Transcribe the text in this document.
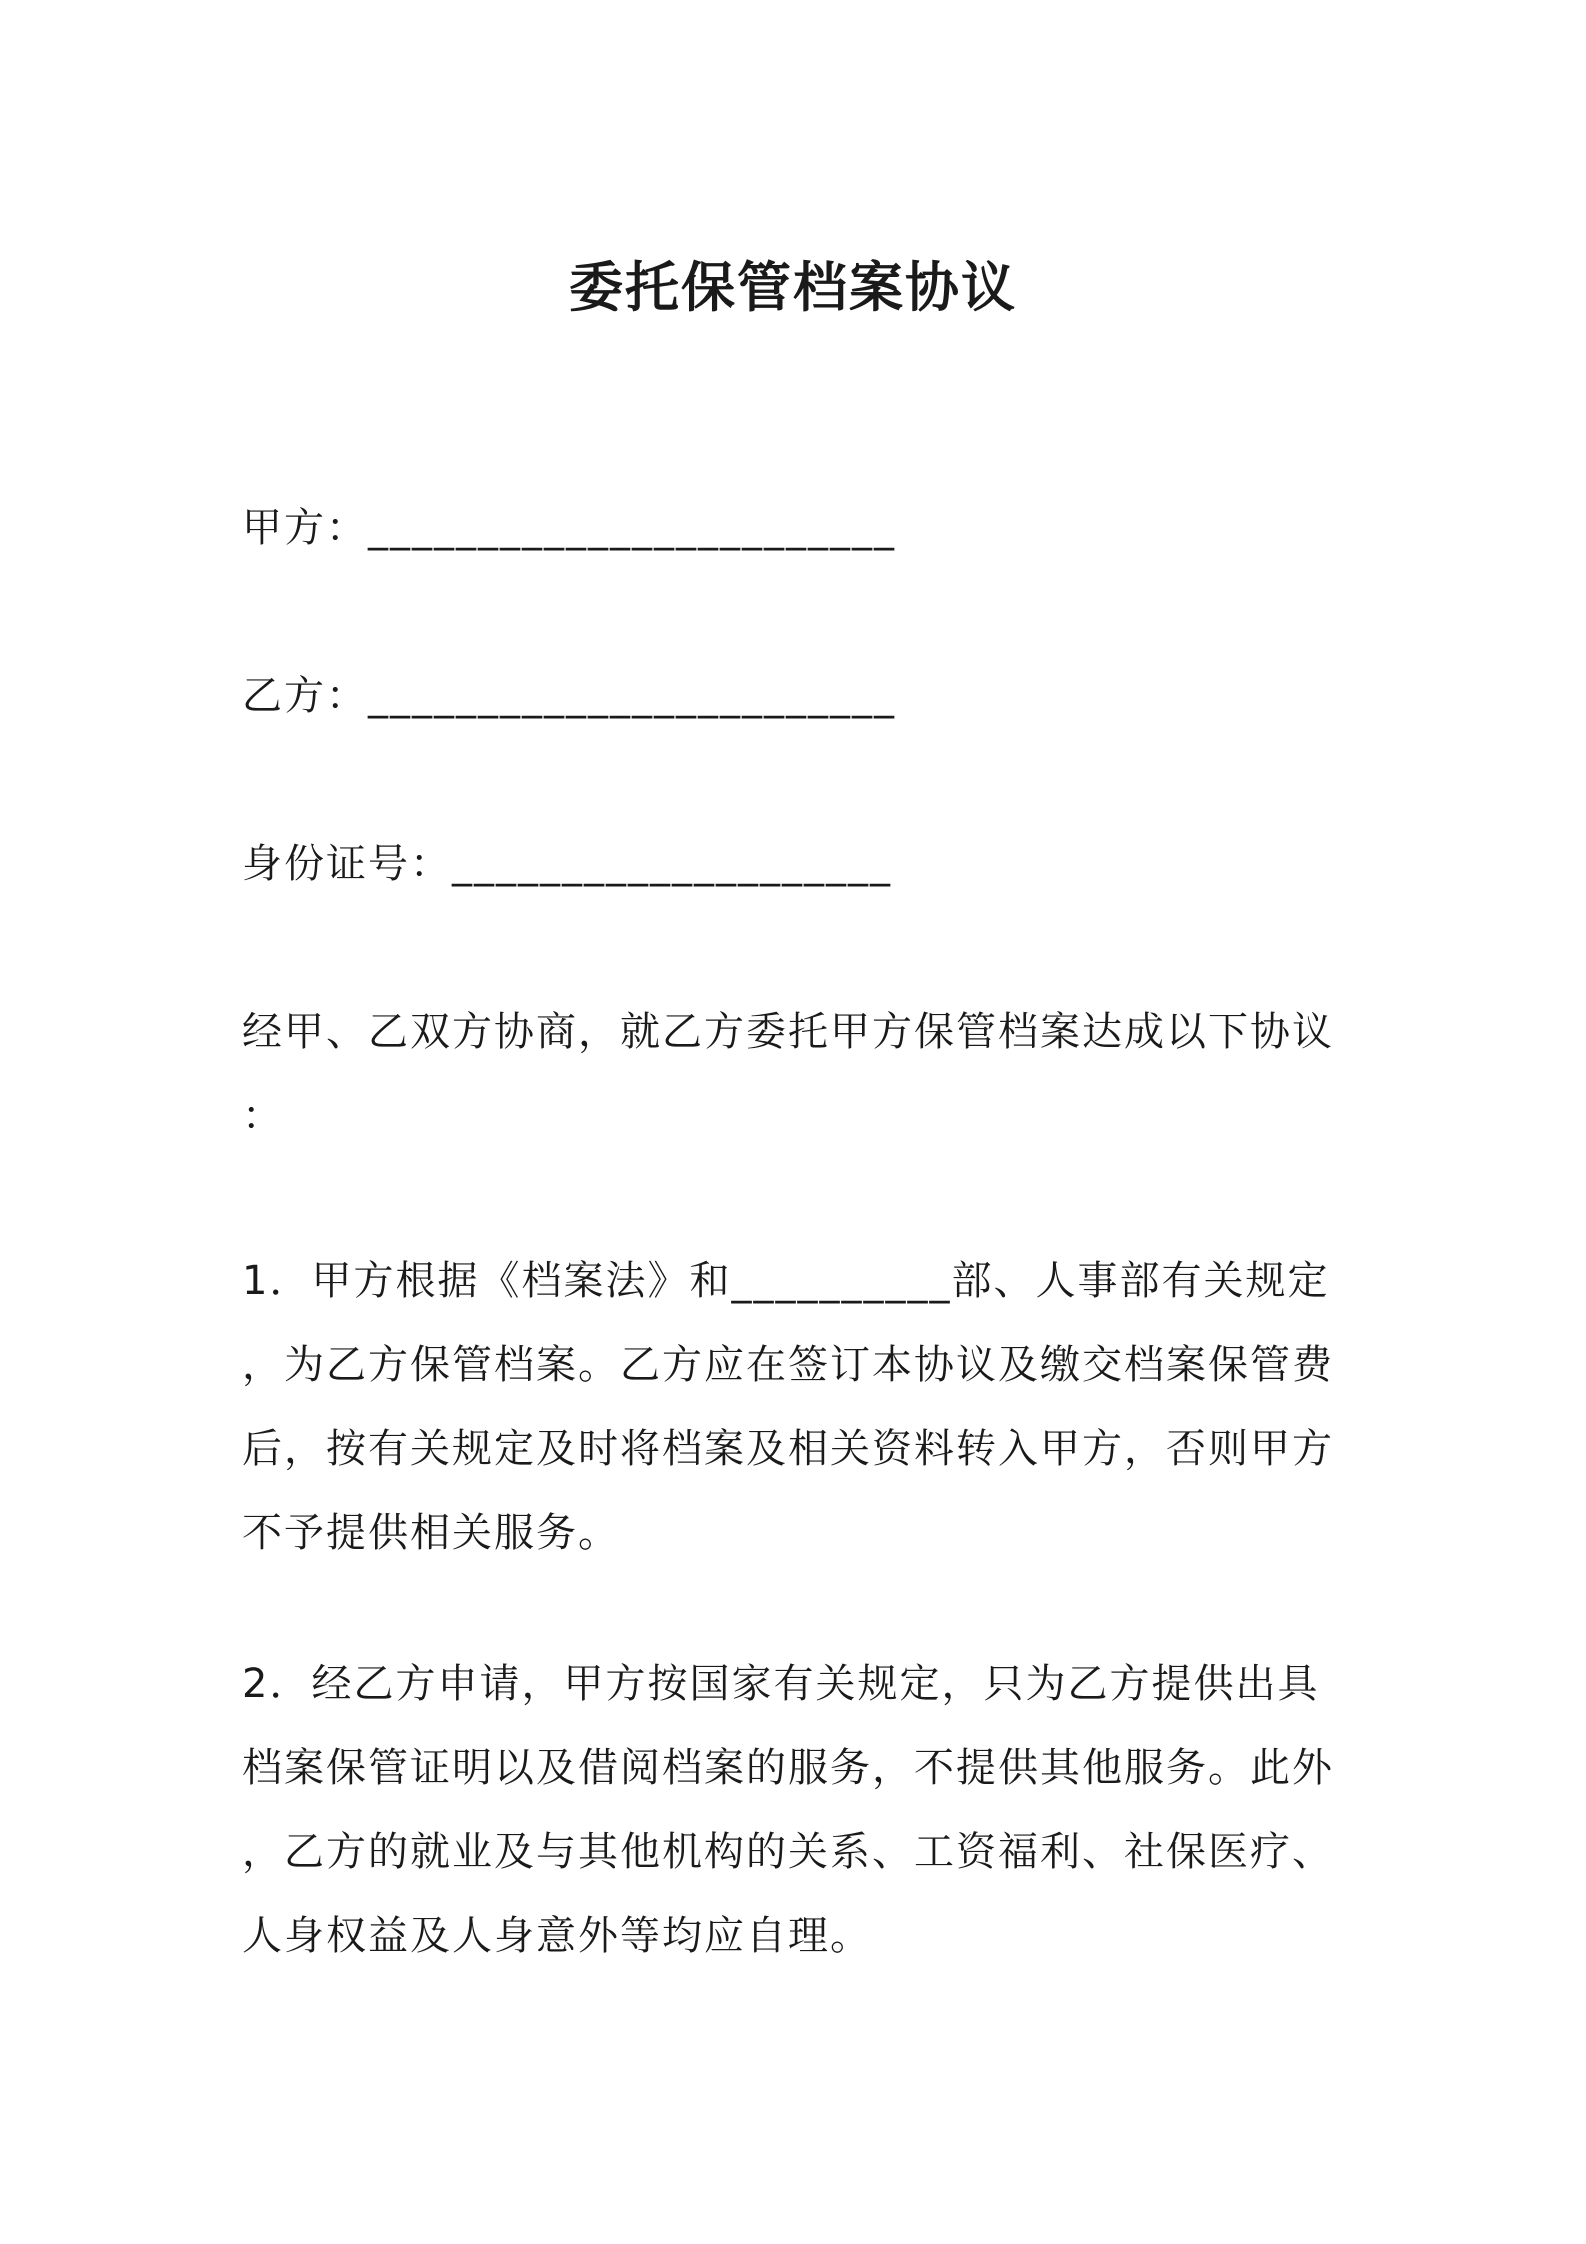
委托保管档案协议
甲方：________________________
乙方：________________________
身份证号：____________________
经甲、乙双方协商，就乙方委托甲方保管档案达成以下协议
：
1．甲方根据《档案法》和__________部、人事部有关规定
，为乙方保管档案。乙方应在签订本协议及缴交档案保管费
后，按有关规定及时将档案及相关资料转入甲方，否则甲方
不予提供相关服务。
2．经乙方申请，甲方按国家有关规定，只为乙方提供出具
档案保管证明以及借阅档案的服务，不提供其他服务。此外
，乙方的就业及与其他机构的关系、工资福利、社保医疗、
人身权益及人身意外等均应自理。
